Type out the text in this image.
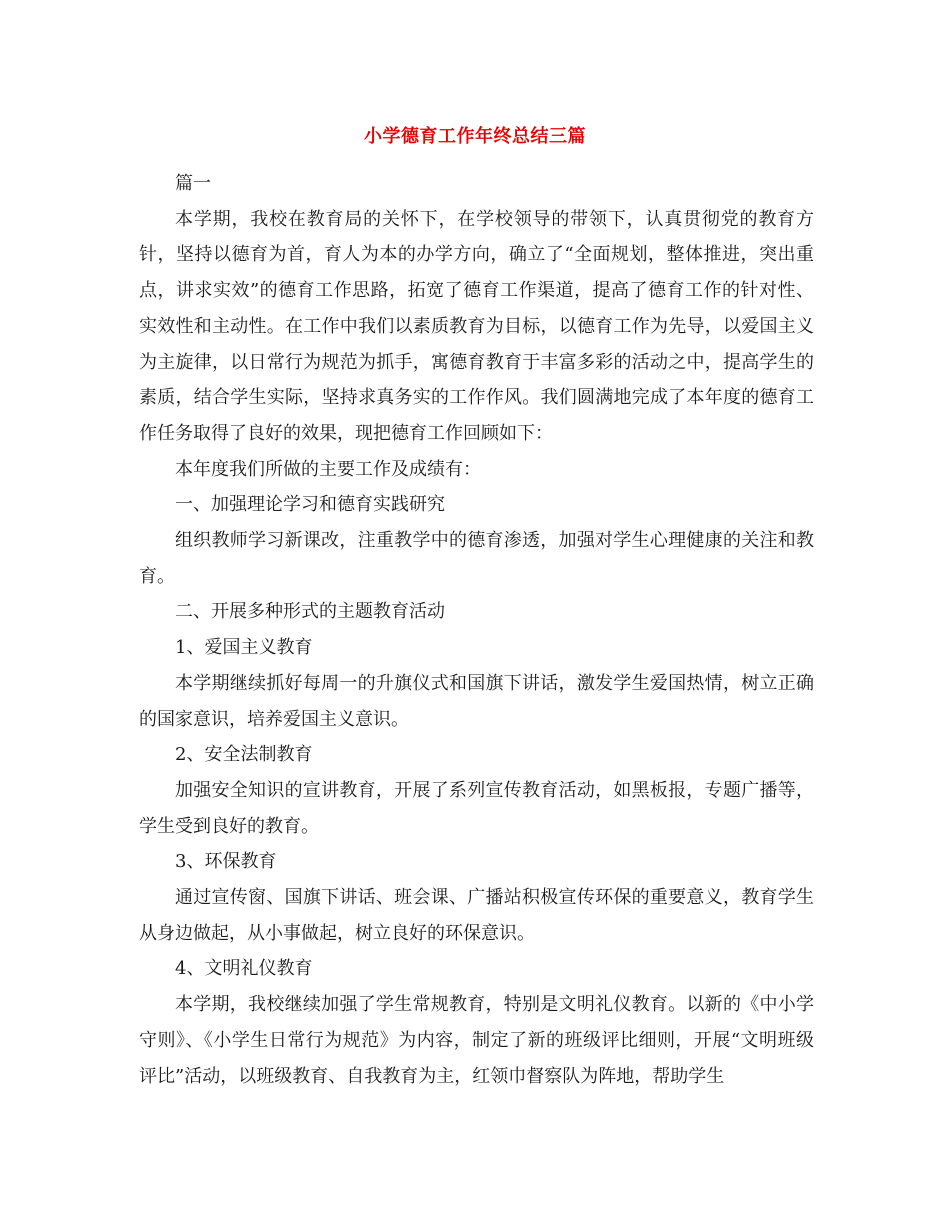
小学德育工作年终总结三篇

篇一

本学期，我校在教育局的关怀下，在学校领导的带领下，认真贯彻党的教育方针，坚持以德育为首，育人为本的办学方向，确立了“全面规划，整体推进，突出重点，讲求实效”的德育工作思路，拓宽了德育工作渠道，提高了德育工作的针对性、实效性和主动性。在工作中我们以素质教育为目标，以德育工作为先导，以爱国主义为主旋律，以日常行为规范为抓手，寓德育教育于丰富多彩的活动之中，提高学生的素质，结合学生实际，坚持求真务实的工作作风。我们圆满地完成了本年度的德育工作任务取得了良好的效果，现把德育工作回顾如下：

本年度我们所做的主要工作及成绩有：

一、加强理论学习和德育实践研究

组织教师学习新课改，注重教学中的德育渗透，加强对学生心理健康的关注和教育。

二、开展多种形式的主题教育活动

1、爱国主义教育

本学期继续抓好每周一的升旗仪式和国旗下讲话，激发学生爱国热情，树立正确的国家意识，培养爱国主义意识。

2、安全法制教育

加强安全知识的宣讲教育，开展了系列宣传教育活动，如黑板报，专题广播等，学生受到良好的教育。

3、环保教育

通过宣传窗、国旗下讲话、班会课、广播站积极宣传环保的重要意义，教育学生从身边做起，从小事做起，树立良好的环保意识。

4、文明礼仪教育

本学期，我校继续加强了学生常规教育，特别是文明礼仪教育。以新的《中小学守则》、《小学生日常行为规范》为内容，制定了新的班级评比细则，开展“文明班级评比”活动，以班级教育、自我教育为主，红领巾督察队为阵地，帮助学生
